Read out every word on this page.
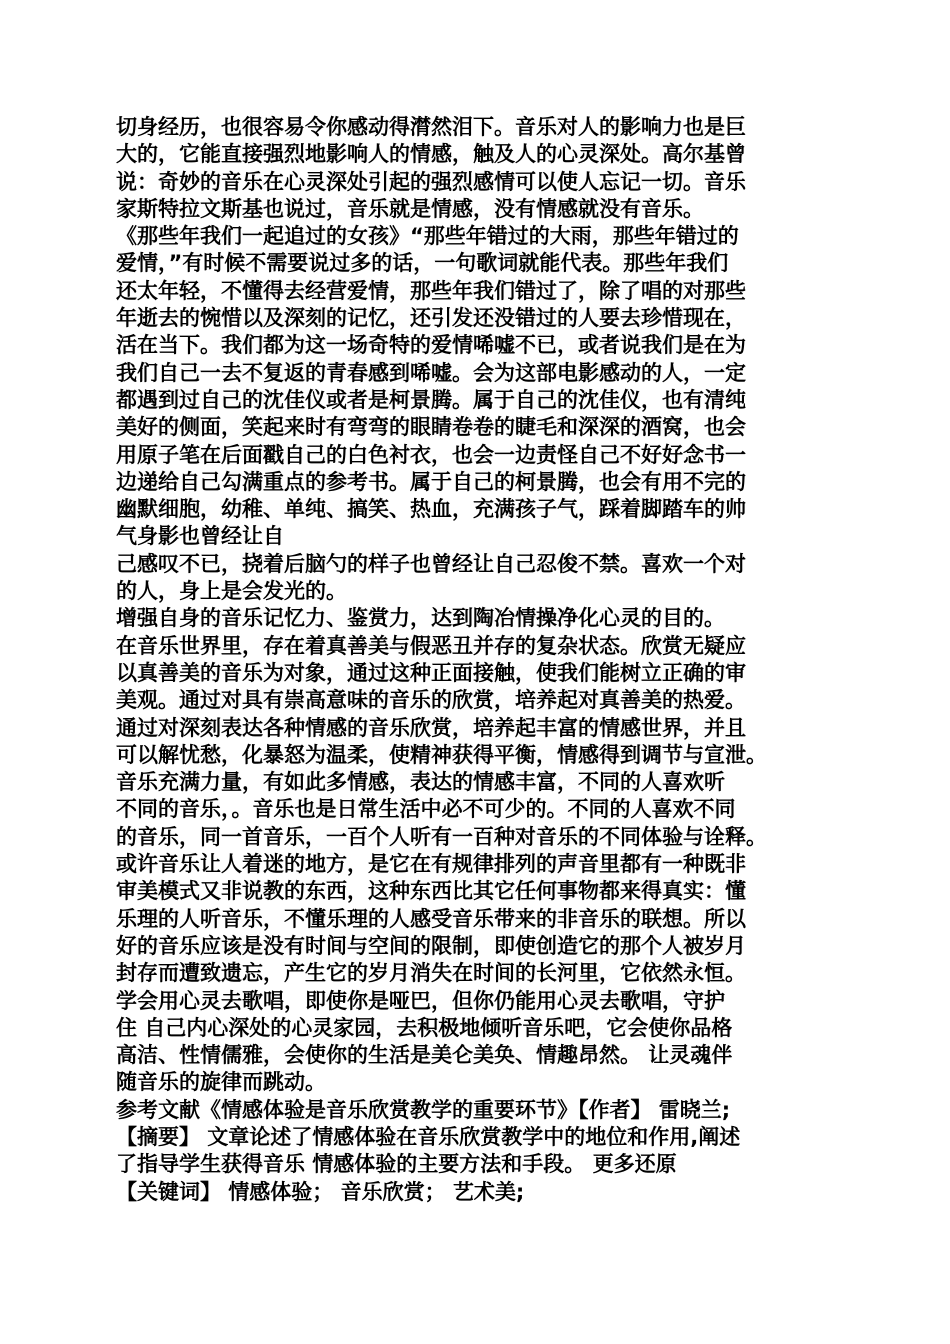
切身经历，也很容易令你感动得潸然泪下。音乐对人的影响力也是巨
大的，它能直接强烈地影响人的情感，触及人的心灵深处。高尔基曾
说：奇妙的音乐在心灵深处引起的强烈感情可以使人忘记一切。音乐
家斯特拉文斯基也说过，音乐就是情感，没有情感就没有音乐。
《那些年我们一起追过的女孩》“那些年错过的大雨，那些年错过的
爱情，”有时候不需要说过多的话，一句歌词就能代表。那些年我们
还太年轻，不懂得去经营爱情，那些年我们错过了，除了唱的对那些
年逝去的惋惜以及深刻的记忆，还引发还没错过的人要去珍惜现在，
活在当下。我们都为这一场奇特的爱情唏嘘不已，或者说我们是在为
我们自己一去不复返的青春感到唏嘘。会为这部电影感动的人，一定
都遇到过自己的沈佳仪或者是柯景腾。属于自己的沈佳仪，也有清纯
美好的侧面，笑起来时有弯弯的眼睛卷卷的睫毛和深深的酒窝，也会
用原子笔在后面戳自己的白色衬衣，也会一边责怪自己不好好念书一
边递给自己勾满重点的参考书。属于自己的柯景腾，也会有用不完的
幽默细胞，幼稚、单纯、搞笑、热血，充满孩子气，踩着脚踏车的帅
气身影也曾经让自
己感叹不已，挠着后脑勺的样子也曾经让自己忍俊不禁。喜欢一个对
的人，身上是会发光的。
增强自身的音乐记忆力、鉴赏力，达到陶冶情操净化心灵的目的。
在音乐世界里，存在着真善美与假恶丑并存的复杂状态。欣赏无疑应
以真善美的音乐为对象，通过这种正面接触，使我们能树立正确的审
美观。通过对具有崇高意味的音乐的欣赏，培养起对真善美的热爱。
通过对深刻表达各种情感的音乐欣赏，培养起丰富的情感世界，并且
可以解忧愁，化暴怒为温柔，使精神获得平衡，情感得到调节与宣泄。
音乐充满力量，有如此多情感，表达的情感丰富，不同的人喜欢听
不同的音乐，。音乐也是日常生活中必不可少的。不同的人喜欢不同
的音乐，同一首音乐，一百个人听有一百种对音乐的不同体验与诠释。
或许音乐让人着迷的地方，是它在有规律排列的声音里都有一种既非
审美模式又非说教的东西，这种东西比其它任何事物都来得真实：懂
乐理的人听音乐，不懂乐理的人感受音乐带来的非音乐的联想。所以
好的音乐应该是没有时间与空间的限制，即使创造它的那个人被岁月
封存而遭致遗忘，产生它的岁月消失在时间的长河里，它依然永恒。
学会用心灵去歌唱，即使你是哑巴，但你仍能用心灵去歌唱，守护
住 自己内心深处的心灵家园，去积极地倾听音乐吧，它会使你品格
高洁、性情儒雅，会使你的生活是美仑美奂、情趣昂然。 让灵魂伴
随音乐的旋律而跳动。
参考文献《情感体验是音乐欣赏教学的重要环节》【作者】 雷晓兰;
【摘要】 文章论述了情感体验在音乐欣赏教学中的地位和作用,阐述
了指导学生获得音乐 情感体验的主要方法和手段。 更多还原
【关键词】 情感体验； 音乐欣赏； 艺术美;
